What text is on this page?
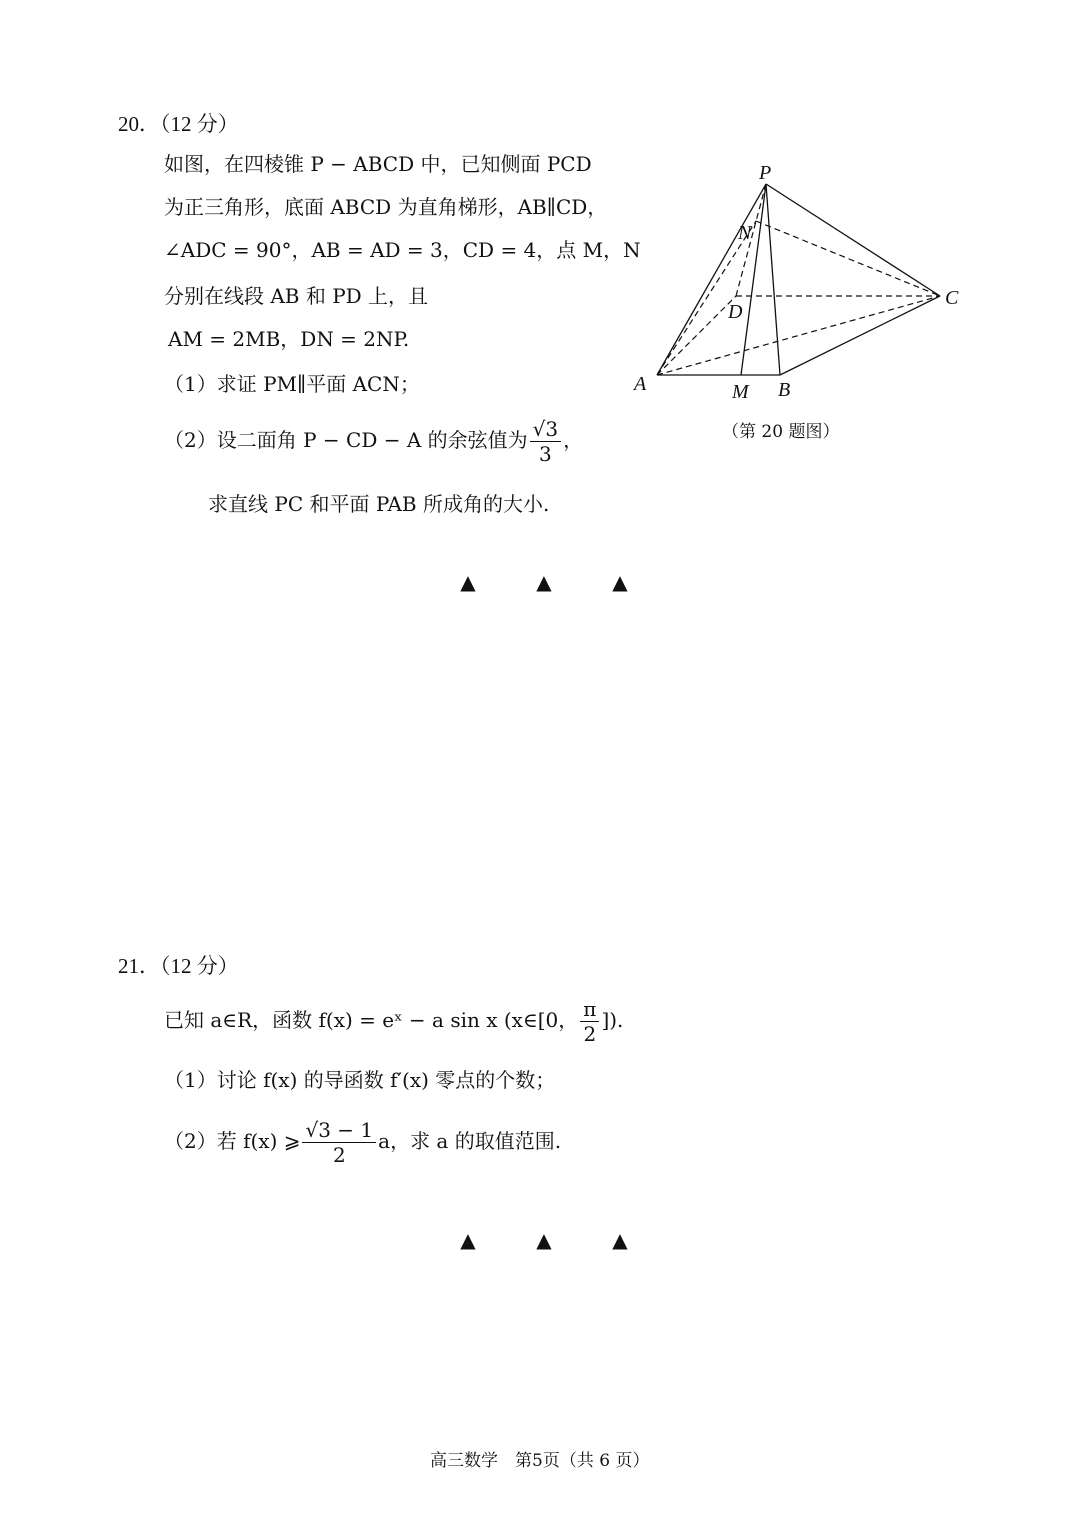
20．（12 分）
如图，在四棱锥 P − ABCD 中，已知侧面 PCD
为正三角形，底面 ABCD 为直角梯形，AB∥CD，
∠ADC = 90°，AB = AD = 3，CD = 4，点 M，N
分别在线段 AB 和 PD 上，且
AM = 2MB，DN = 2NP.
（1）求证 PM∥平面 ACN；
（2）设二面角 P − CD − A 的余弦值为 $\frac{√3}{3}$ ，
求直线 PC 和平面 PAB 所成角的大小.
P
N
D
C
A	M B
（第 20 题图）
▲	▲	▲
21．（12 分）
已知 a∈R，函数 f(x) = eˣ − a sin x (x∈[0， $\frac{\pi}{2}$ ]).
（1）讨论 f(x) 的导函数 f′(x) 零点的个数；
（2）若 f(x) ⩾ $\frac{√3 - 1}{2}$ a，求 a 的取值范围.
▲	▲	▲
高三数学　第5页（共 6 页）
